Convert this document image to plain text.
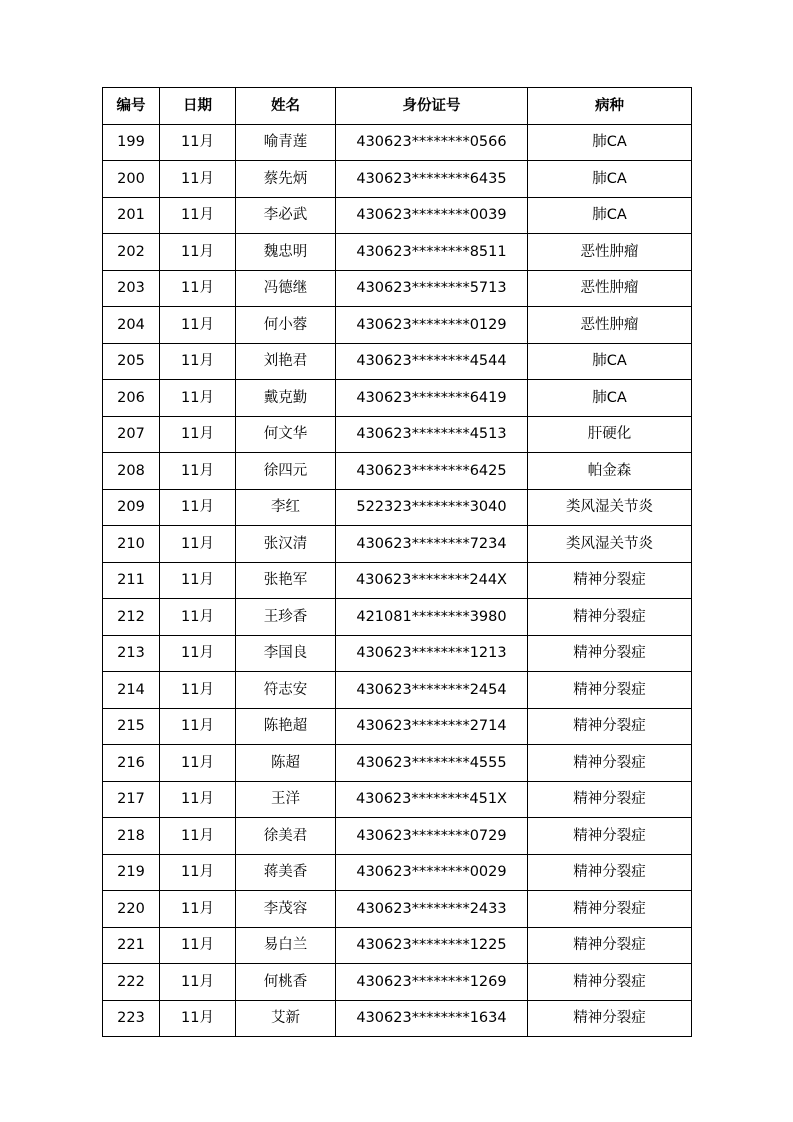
编号	日期	姓名	身份证号	病种
199	11月	喻青莲	430623********0566	肺CA
200	11月	蔡先炳	430623********6435	肺CA
201	11月	李必武	430623********0039	肺CA
202	11月	魏忠明	430623********8511	恶性肿瘤
203	11月	冯德继	430623********5713	恶性肿瘤
204	11月	何小蓉	430623********0129	恶性肿瘤
205	11月	刘艳君	430623********4544	肺CA
206	11月	戴克勤	430623********6419	肺CA
207	11月	何文华	430623********4513	肝硬化
208	11月	徐四元	430623********6425	帕金森
209	11月	李红	522323********3040	类风湿关节炎
210	11月	张汉清	430623********7234	类风湿关节炎
211	11月	张艳军	430623********244X	精神分裂症
212	11月	王珍香	421081********3980	精神分裂症
213	11月	李国良	430623********1213	精神分裂症
214	11月	符志安	430623********2454	精神分裂症
215	11月	陈艳超	430623********2714	精神分裂症
216	11月	陈超	430623********4555	精神分裂症
217	11月	王洋	430623********451X	精神分裂症
218	11月	徐美君	430623********0729	精神分裂症
219	11月	蒋美香	430623********0029	精神分裂症
220	11月	李茂容	430623********2433	精神分裂症
221	11月	易白兰	430623********1225	精神分裂症
222	11月	何桃香	430623********1269	精神分裂症
223	11月	艾新	430623********1634	精神分裂症
